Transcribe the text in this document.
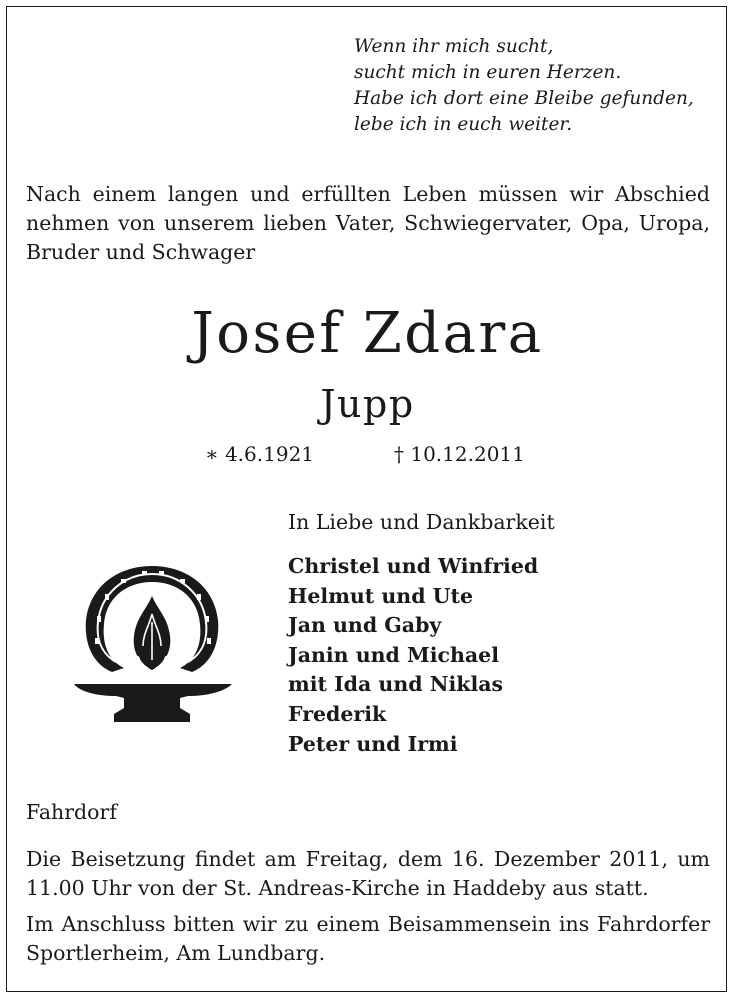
Wenn ihr mich sucht,
sucht mich in euren Herzen.
Habe ich dort eine Bleibe gefunden,
lebe ich in euch weiter.
Nach einem langen und erfüllten Leben müssen wir Abschied nehmen von unserem lieben Vater, Schwiegervater, Opa, Uropa, Bruder und Schwager
Josef Zdara
Jupp
∗ 4.6.1921	† 10.12.2011
In Liebe und Dankbarkeit
Christel und Winfried
Helmut und Ute
Jan und Gaby
Janin und Michael
mit Ida und Niklas
Frederik
Peter und Irmi
Fahrdorf
Die Beisetzung findet am Freitag, dem 16. Dezember 2011, um 11.00 Uhr von der St. Andreas-Kirche in Haddeby aus statt.
Im Anschluss bitten wir zu einem Beisammensein ins Fahrdorfer Sportlerheim, Am Lundbarg.
